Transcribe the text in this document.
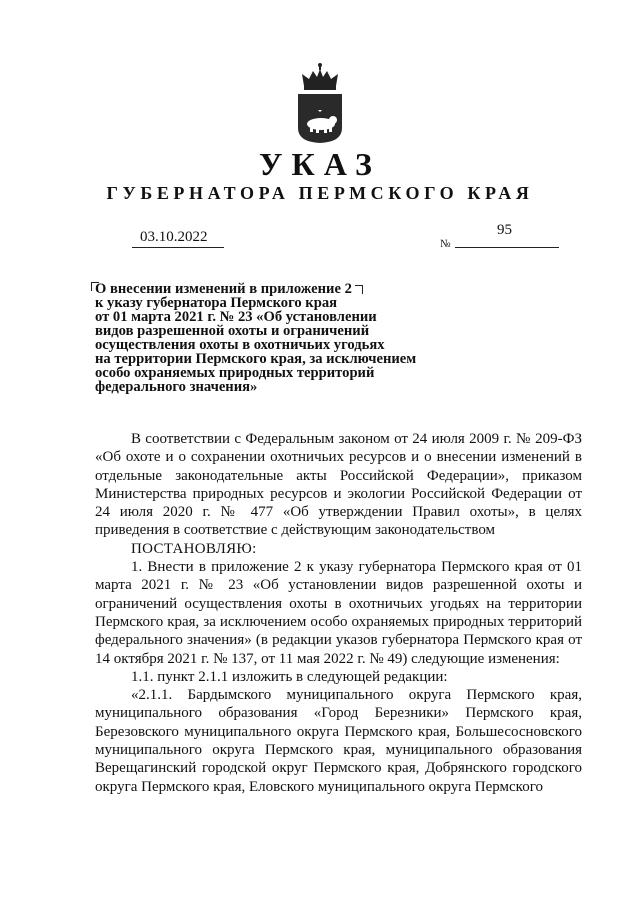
УКАЗ
ГУБЕРНАТОРА ПЕРМСКОГО КРАЯ
03.10.2022	№
95
О внесении изменений в приложение 2
к указу губернатора Пермского края
от 01 марта 2021 г. № 23 «Об установлении
видов разрешенной охоты и ограничений
осуществления охоты в охотничьих угодьях
на территории Пермского края, за исключением
особо охраняемых природных территорий
федерального значения»

В соответствии с Федеральным законом от 24 июля 2009 г. № 209-ФЗ «Об охоте и о сохранении охотничьих ресурсов и о внесении изменений в отдельные законодательные акты Российской Федерации», приказом Министерства природных ресурсов и экологии Российской Федерации от 24 июля 2020 г. № 477 «Об утверждении Правил охоты», в целях приведения в соответствие с действующим законодательством

ПОСТАНОВЛЯЮ:

1. Внести в приложение 2 к указу губернатора Пермского края от 01 марта 2021 г. № 23 «Об установлении видов разрешенной охоты и ограничений осуществления охоты в охотничьих угодьях на территории Пермского края, за исключением особо охраняемых природных территорий федерального значения» (в редакции указов губернатора Пермского края от 14 октября 2021 г. № 137, от 11 мая 2022 г. № 49) следующие изменения:

1.1. пункт 2.1.1 изложить в следующей редакции:

«2.1.1. Бардымского муниципального округа Пермского края, муниципального образования «Город Березники» Пермского края, Березовского муниципального округа Пермского края, Большесосновского муниципального округа Пермского края, муниципального образования Верещагинский городской округ Пермского края, Добрянского городского округа Пермского края, Еловского муниципального округа Пермского
